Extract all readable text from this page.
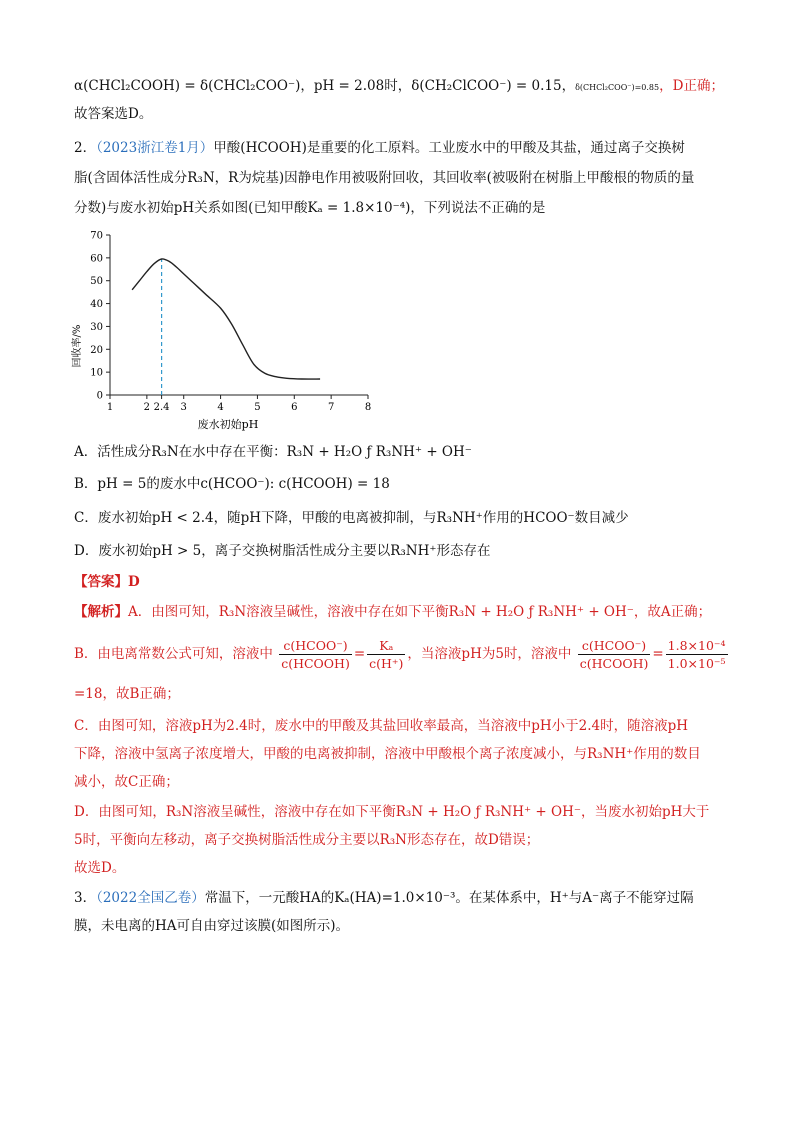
α(CHCl₂COOH) = δ(CHCl₂COO⁻)，pH = 2.08时，δ(CH₂ClCOO⁻) = 0.15，δ(CHCl₂COO⁻)=0.85，D正确；
故答案选D。
2．（2023浙江卷1月）甲酸(HCOOH)是重要的化工原料。工业废水中的甲酸及其盐，通过离子交换树
脂(含固体活性成分R₃N，R为烷基)因静电作用被吸附回收，其回收率(被吸附在树脂上甲酸根的物质的量
分数)与废水初始pH关系如图(已知甲酸Kₐ = 1.8×10⁻⁴)，下列说法不正确的是
0
10
20
30
40
50
60
70
1	2 2.4 3	4	5	6	7	8
废水初始pH
回收率/%
A．活性成分R₃N在水中存在平衡：R₃N + H₂O ƒ R₃NH⁺ + OH⁻
B．pH = 5的废水中c(HCOO⁻): c(HCOOH) = 18
C．废水初始pH < 2.4，随pH下降，甲酸的电离被抑制，与R₃NH⁺作用的HCOO⁻数目减少
D．废水初始pH > 5，离子交换树脂活性成分主要以R₃NH⁺形态存在
【答案】D
【解析】A．由图可知，R₃N溶液呈碱性，溶液中存在如下平衡R₃N + H₂O ƒ R₃NH⁺ + OH⁻，故A正确；
B．由电离常数公式可知，溶液中 $\frac{\text{c(HCOO⁻)}}{\text{c(HCOOH)}} = \frac{\text{Kₐ}}{c(H^+)}$ ，当溶液pH为5时，溶液中 $\frac{\text{c(HCOO⁻)}}{\text{c(HCOOH)}} = \frac{\text{1.8×10⁻⁴}}{\text{1.0×10⁻⁵}}$
=18，故B正确；
C．由图可知，溶液pH为2.4时，废水中的甲酸及其盐回收率最高，当溶液中pH小于2.4时，随溶液pH
下降，溶液中氢离子浓度增大，甲酸的电离被抑制，溶液中甲酸根个离子浓度减小，与R₃NH⁺作用的数目
减小，故C正确；
D．由图可知，R₃N溶液呈碱性，溶液中存在如下平衡R₃N + H₂O ƒ R₃NH⁺ + OH⁻，当废水初始pH大于
5时，平衡向左移动，离子交换树脂活性成分主要以R₃N形态存在，故D错误；
故选D。
3．（2022全国乙卷）常温下，一元酸HA的Kₐ(HA)=1.0×10⁻³。在某体系中，H⁺与A⁻离子不能穿过隔
膜，未电离的HA可自由穿过该膜(如图所示)。
